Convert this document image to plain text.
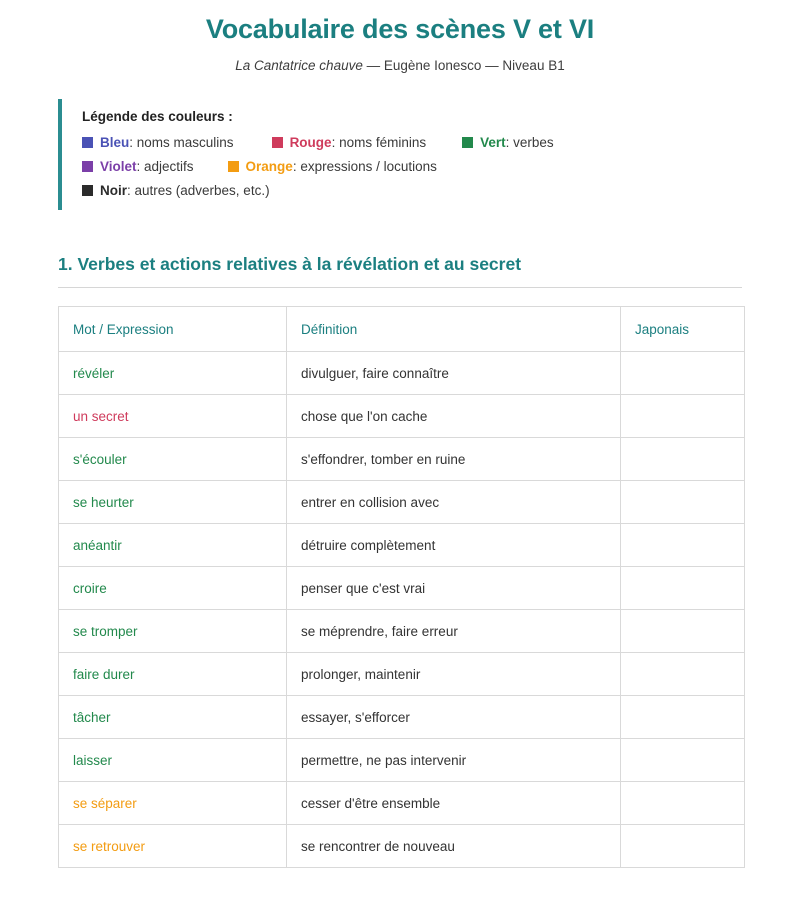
Vocabulaire des scènes V et VI
La Cantatrice chauve — Eugène Ionesco — Niveau B1
Légende des couleurs :
Bleu : noms masculins	Rouge : noms féminins	Vert : verbes
Violet : adjectifs	Orange : expressions / locutions
Noir : autres (adverbes, etc.)
1. Verbes et actions relatives à la révélation et au secret
Mot / Expression	Définition	Japonais
révéler	divulguer, faire connaître	
un secret	chose que l'on cache	
s'écouler	s'effondrer, tomber en ruine	
se heurter	entrer en collision avec	
anéantir	détruire complètement	
croire	penser que c'est vrai	
se tromper	se méprendre, faire erreur	
faire durer	prolonger, maintenir	
tâcher	essayer, s'efforcer	
laisser	permettre, ne pas intervenir	
se séparer	cesser d'être ensemble	
se retrouver	se rencontrer de nouveau	
